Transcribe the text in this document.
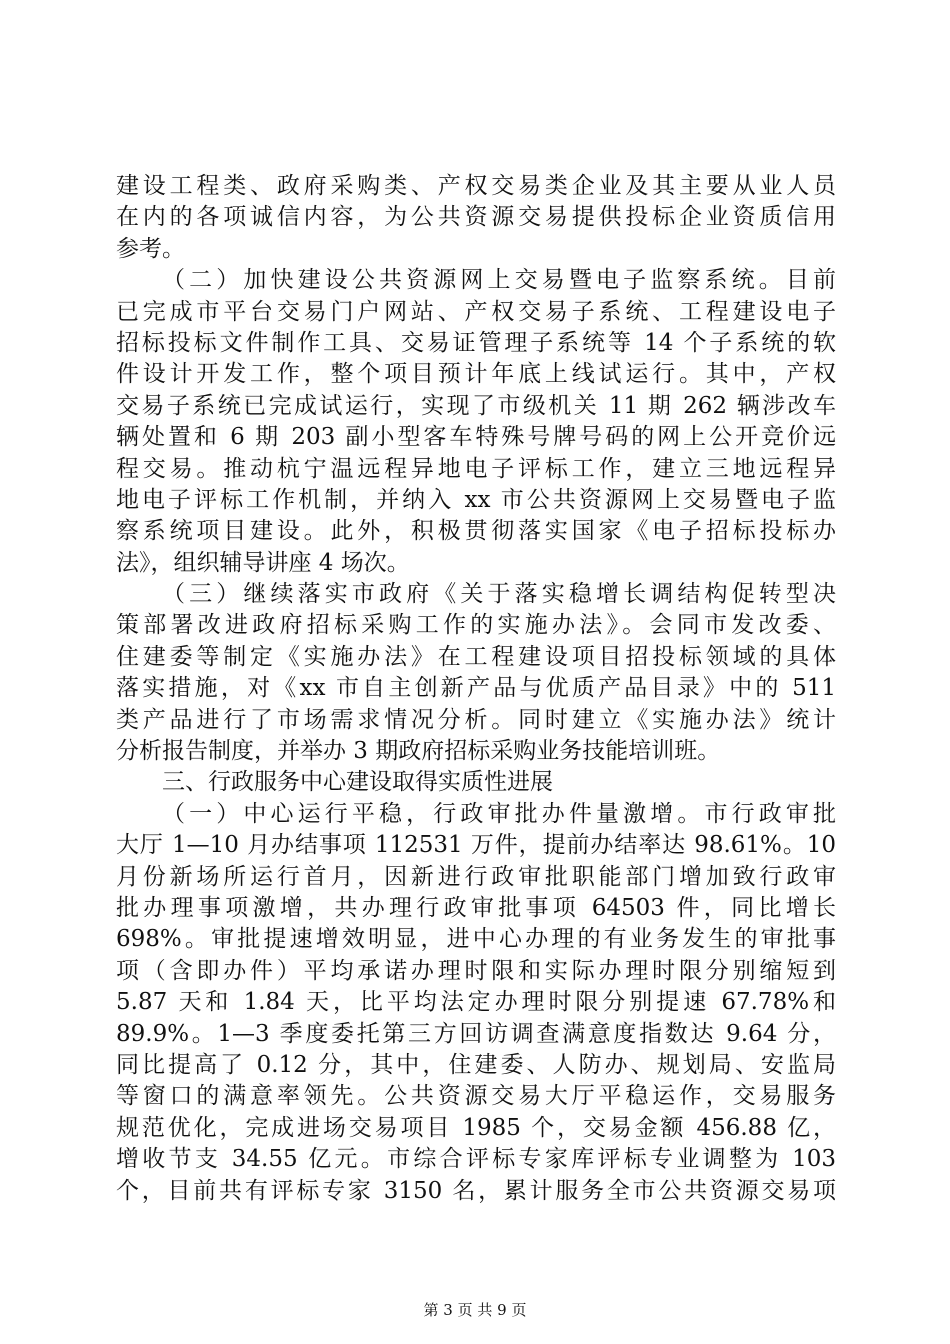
建设工程类、政府采购类、产权交易类企业及其主要从业人员
在内的各项诚信内容，为公共资源交易提供投标企业资质信用
参考。
（二）加快建设公共资源网上交易暨电子监察系统。目前
已完成市平台交易门户网站、产权交易子系统、工程建设电子
招标投标文件制作工具、交易证管理子系统等 14 个子系统的软
件设计开发工作，整个项目预计年底上线试运行。其中，产权
交易子系统已完成试运行，实现了市级机关 11 期 262 辆涉改车
辆处置和 6 期 203 副小型客车特殊号牌号码的网上公开竞价远
程交易。推动杭宁温远程异地电子评标工作，建立三地远程异
地电子评标工作机制，并纳入 xx 市公共资源网上交易暨电子监
察系统项目建设。此外，积极贯彻落实国家《电子招标投标办
法》，组织辅导讲座 4 场次。
（三）继续落实市政府《关于落实稳增长调结构促转型决
策部署改进政府招标采购工作的实施办法》。会同市发改委、
住建委等制定《实施办法》在工程建设项目招投标领域的具体
落实措施，对《xx 市自主创新产品与优质产品目录》中的 511
类产品进行了市场需求情况分析。同时建立《实施办法》统计
分析报告制度，并举办 3 期政府招标采购业务技能培训班。
三、行政服务中心建设取得实质性进展
（一）中心运行平稳，行政审批办件量激增。市行政审批
大厅 1—10 月办结事项 112531 万件，提前办结率达 98.61%。10
月份新场所运行首月，因新进行政审批职能部门增加致行政审
批办理事项激增，共办理行政审批事项 64503 件，同比增长
698%。审批提速增效明显，进中心办理的有业务发生的审批事
项（含即办件）平均承诺办理时限和实际办理时限分别缩短到
5.87 天和 1.84 天，比平均法定办理时限分别提速 67.78%和
89.9%。1—3 季度委托第三方回访调查满意度指数达 9.64 分，
同比提高了 0.12 分，其中，住建委、人防办、规划局、安监局
等窗口的满意率领先。公共资源交易大厅平稳运作，交易服务
规范优化，完成进场交易项目 1985 个，交易金额 456.88 亿，
增收节支 34.55 亿元。市综合评标专家库评标专业调整为 103
个，目前共有评标专家 3150 名，累计服务全市公共资源交易项
第 3 页 共 9 页
